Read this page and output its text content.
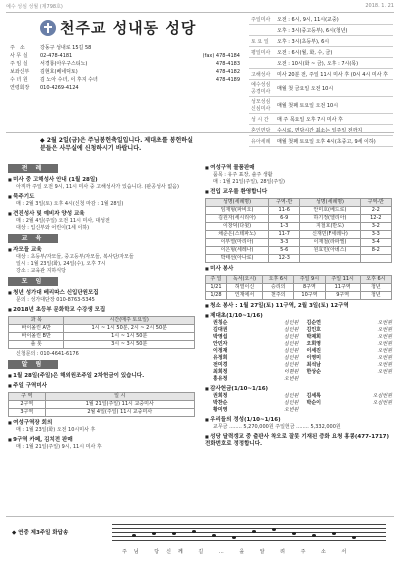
예수 성심 성월 (제798호)	2018. 1. 21
천주교 성내동 성당
주　소	강동구 성내로 15길 58
사 무 실	02-478-4181	(fax) 478-4184
주 임 실	서경룡(아우구스티노)	478-4183
보좌신부	김현호(베네딕토)	478-4182
수 녀 원	김 노아 수녀, 이 후지 수녀	478-4189
연령회장	010-4269-4124
주일미사	오전 : 6시, 9시, 11시(교중)
	오후 : 3시(중고등부), 6시(청년)
토 요 일	오후 : 3시(초등부), 6시
평일미사	오전 : 6시(월, 화, 수, 금)
	오전 : 10시(화 ~ 금), 오후 : 7시(목)
고해성사	미사 20분 전, 주일 11시 미사 후 (0시 4시 미사 후
예수성심 공경미사	매월 첫 금요일 오전 10시
성모성심 신심미사	매월 첫째 토요일 오전 10시
성 시 간	매 주 목요일 오후 7시 미사 후
혼인면담	수시로, 면담시간 최소는 일주일 전까지
유아세례	매월 첫째 토요일 오후 4시(초중고, 9세 이하)
◆ 2월 2일(금)은 주님봉헌축일입니다. 제대초를 봉헌하실 분들은 사무실에 신청하시기 바랍니다.
전 례
■ 미사 중 고해성사 안내 (1월 28일)
아직까 주일 오전 9시, 11시 미사 중 고해성사가 있습니다. (판공성사 없음)
■ 묵주기도
매 : 2월 3일(토) 오후 4시(신청 마감 : 1월 28일)
■ 견진성사 및 예비자 양성 교육
매 : 2월 4일(주일) 오전 11시 미사, 대성전
대상 : 입신부와 어린이(1세 이하)
교 육
■ 자모들 교육
대상 : 초등부/자모들, 중고등부/자모들, 복사단/자모들
일시 : 1월 23일(화), 24일(수), 오후 7시
강소 : 교육관 지하식당
모 임
■ 청년 성가대 베리따스 신입단원모집
문의 : 성가대단장 010-8763-5345
■ 2018년 초등부 문화학교 수강생 모집
과 목	시간(매주 토요일)
바이올린 A반	1시 ~ 1시 50분, 2시 ~ 2시 50분
바이올린 B반	1시 ~ 1시 50분
플 롯	3시 ~ 3시 50분
신청문의 : 010-4641-6176
알 림
■ 1월 28일(주일)은 해외원조주일 2차헌금이 있습니다.
■ 주일 구역미사
구 역	일 시
2구역	1월 21일(주일) 11시 교중미사
3구역	2월 4일(주일) 11시 교중미사
■ 여성구역장 회의
매 : 1월 23일(화) 오전 10시미사 후
■ 9구역 카페, 김치전 판매
매 : 1월 21일(주일) 9시, 11시 미사 후
■ 여성구역 물품판매
품목 : 유주 표장, 솔주 생활
매 : 1월 21일(주일), 28일(주일)
■ 전입 교우를 환영합니다
성명(세례명)	구역-반	성명(세례명)	구역-반
임재형(파비오)	11-6	안미호(베드로)	2-2
김원자(세시리아)	6-9	하기정(엘리아)	12-2
이창덕(다윗)	1-3	지철호(반도)	3-2
채준은(스테파노)	11-7	신재민(F세레나)	3-3
이부열(마리아)	3-3	이재철(라파엘)	3-4
이은형(세레나)	5-6	원효민(아녜스)	8-2
박태선(아나로)	12-3		
■ 미사 봉사
주 일	독서(오시)	오후 6시	주일 9시	주일 11시	오후 6시
1/21	허열이신	승리의	8구역	11구역	청년
1/28	인재에서	천주의	10구역	9구역	청년
■ 청소 봉사 : 1월 27일(토) 11구역, 2월 3일(토) 12구역
■ 제대초(1/10~1/16)
권칭순	심인원 김순연	오빈원
김대권	심인원 김인호	오빈원
박영섭	심인원 박제희	오빈원
안민자	심인원 오희영	오빈원
이정재	심인원 이세진	오빈원
유정희	심인원 이영미	오빈원
전미경	심인원 최석남	오빈원
최희정	이현원 한상순	오빈원
홍유정	오빈원
■ 감사헌금(1/10~1/16)
권희정	심인원 김세록	오심빈원
박찬순	심인원 박순이	오심빈원
황미영	오빈원
■ 우리들의 정성(1/10~1/16)
교무금 ........ 5,270,000원 주일헌금 ........ 5,332,000원
■ 성당 달력갱교 중 출판사 착오로 잘못 기재된 증화 요청 홍콩(477-1717) 전화번호로 정정합니다.
◆ 연중 제3주일 화답송
주님 당신께 길 … 을 알 려 주 소 서
